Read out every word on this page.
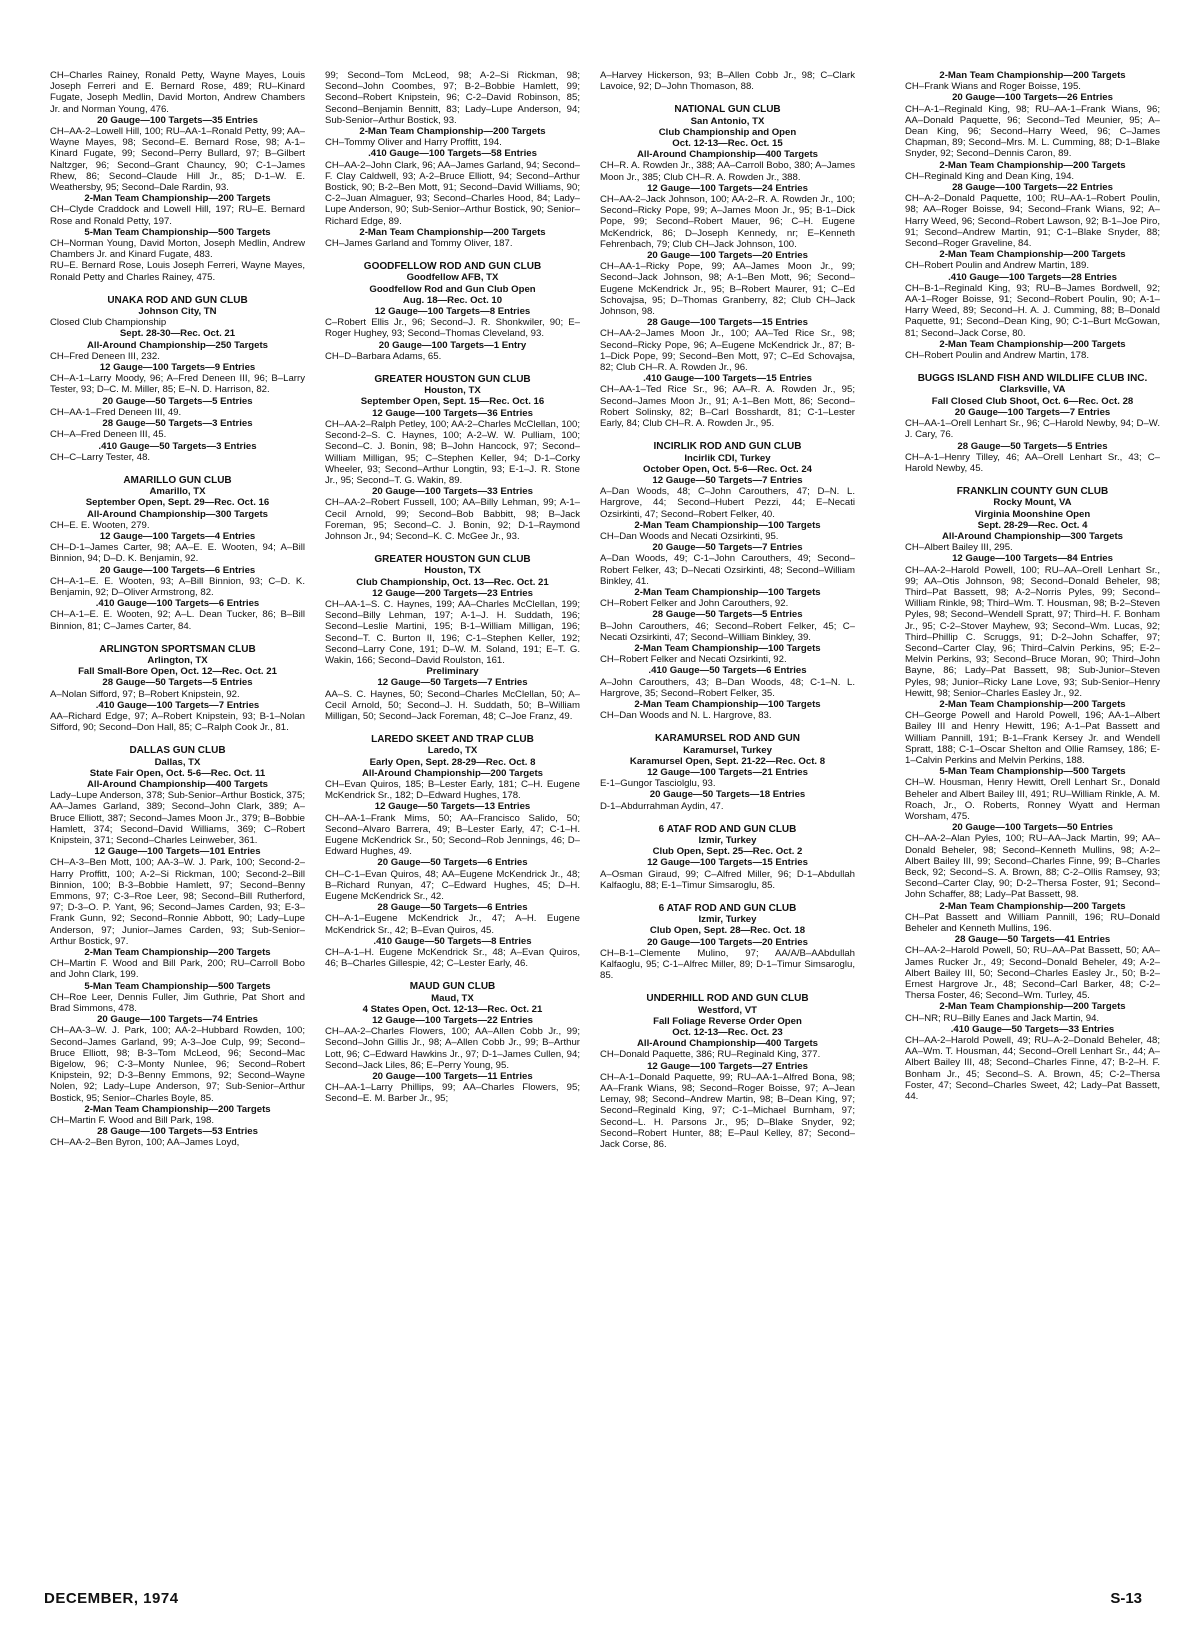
CH–Charles Rainey, Ronald Petty, Wayne Mayes, Louis Joseph Ferreri and E. Bernard Rose, 489; RU–Kinard Fugate, Joseph Medlin, David Morton, Andrew Chambers Jr. and Norman Young, 476.

20 Gauge—100 Targets—35 Entries

CH–AA-2–Lowell Hill, 100; RU–AA-1–Ronald Petty, 99; AA–Wayne Mayes, 98; Second–E. Bernard Rose, 98; A-1–Kinard Fugate, 99; Second–Perry Bullard, 97; B–Gilbert Naltzger, 96; Second–Grant Chauncy, 90; C-1–James Rhew, 86; Second–Claude Hill Jr., 85; D-1–W. E. Weathersby, 95; Second–Dale Rardin, 93.

2-Man Team Championship—200 Targets

CH–Clyde Craddock and Lowell Hill, 197; RU–E. Bernard Rose and Ronald Petty, 197.

5-Man Team Championship—500 Targets

CH–Norman Young, David Morton, Joseph Medlin, Andrew Chambers Jr. and Kinard Fugate, 483.

RU–E. Bernard Rose, Louis Joseph Ferreri, Wayne Mayes, Ronald Petty and Charles Rainey, 475.

UNAKA ROD AND GUN CLUB

Johnson City, TN

Closed Club Championship

Sept. 28-30—Rec. Oct. 21

All-Around Championship—250 Targets

CH–Fred Deneen III, 232.

12 Gauge—100 Targets—9 Entries

CH–A-1–Larry Moody, 96; A–Fred Deneen III, 96; B–Larry Tester, 93; D–C. M. Miller, 85; E–N. D. Harrison, 82.

20 Gauge—50 Targets—5 Entries

CH–AA-1–Fred Deneen III, 49.

28 Gauge—50 Targets—3 Entries

CH–A–Fred Deneen III, 45.

.410 Gauge—50 Targets—3 Entries

CH–C–Larry Tester, 48.

AMARILLO GUN CLUB

Amarillo, TX

September Open, Sept. 29—Rec. Oct. 16

All-Around Championship—300 Targets

CH–E. E. Wooten, 279.

12 Gauge—100 Targets—4 Entries

CH–D-1–James Carter, 98; AA–E. E. Wooten, 94; A–Bill Binnion, 94; D–D. K. Benjamin, 92.

20 Gauge—100 Targets—6 Entries

CH–A-1–E. E. Wooten, 93; A–Bill Binnion, 93; C–D. K. Benjamin, 92; D–Oliver Armstrong, 82.

.410 Gauge—100 Targets—6 Entries

CH–A-1–E. E. Wooten, 92; A–L. Dean Tucker, 86; B–Bill Binnion, 81; C–James Carter, 84.

ARLINGTON SPORTSMAN CLUB

Arlington, TX

Fall Small-Bore Open, Oct. 12—Rec. Oct. 21

28 Gauge—50 Targets—5 Entries

A–Nolan Sifford, 97; B–Robert Knipstein, 92.

.410 Gauge—100 Targets—7 Entries

AA–Richard Edge, 97; A–Robert Knipstein, 93; B-1–Nolan Sifford, 90; Second–Don Hall, 85; C–Ralph Cook Jr., 81.

DALLAS GUN CLUB

Dallas, TX

State Fair Open, Oct. 5-6—Rec. Oct. 11

All-Around Championship—400 Targets

Lady–Lupe Anderson, 378; Sub-Senior–Arthur Bostick, 375; AA–James Garland, 389; Second–John Clark, 389; A–Bruce Elliott, 387; Second–James Moon Jr., 379; B–Bobbie Hamlett, 374; Second–David Williams, 369; C–Robert Knipstein, 371; Second–Charles Leinweber, 361.

12 Gauge—100 Targets—101 Entries

CH–A-3–Ben Mott, 100; AA-3–W. J. Park, 100; Second-2–Harry Proffitt, 100; A-2–Si Rickman, 100; Second-2–Bill Binnion, 100; B-3–Bobbie Hamlett, 97; Second–Benny Emmons, 97; C-3–Roe Leer, 98; Second–Bill Rutherford, 97; D-3–O. P. Yant, 96; Second–James Carden, 93; E-3–Frank Gunn, 92; Second–Ronnie Abbott, 90; Lady–Lupe Anderson, 97; Junior–James Carden, 93; Sub-Senior–Arthur Bostick, 97.

2-Man Team Championship—200 Targets

CH–Martin F. Wood and Bill Park, 200; RU–Carroll Bobo and John Clark, 199.

5-Man Team Championship—500 Targets

CH–Roe Leer, Dennis Fuller, Jim Guthrie, Pat Short and Brad Simmons, 478.

20 Gauge—100 Targets—74 Entries

CH–AA-3–W. J. Park, 100; AA-2–Hubbard Rowden, 100; Second–James Garland, 99; A-3–Joe Culp, 99; Second–Bruce Elliott, 98; B-3–Tom McLeod, 96; Second–Mac Bigelow, 96; C-3–Monty Nunlee, 96; Second–Robert Knipstein, 92; D-3–Benny Emmons, 92; Second–Wayne Nolen, 92; Lady–Lupe Anderson, 97; Sub-Senior–Arthur Bostick, 95; Senior–Charles Boyle, 85.

2-Man Team Championship—200 Targets

CH–Martin F. Wood and Bill Park, 198.

28 Gauge—100 Targets—53 Entries

CH–AA-2–Ben Byron, 100; AA–James Loyd,

99; Second–Tom McLeod, 98; A-2–Si Rickman, 98; Second–John Coombes, 97; B-2–Bobbie Hamlett, 99; Second–Robert Knipstein, 96; C-2–David Robinson, 85; Second–Benjamin Bennitt, 83; Lady–Lupe Anderson, 94; Sub-Senior–Arthur Bostick, 93.

2-Man Team Championship—200 Targets

CH–Tommy Oliver and Harry Proffitt, 194.

.410 Gauge—100 Targets—58 Entries

CH–AA-2–John Clark, 96; AA–James Garland, 94; Second–F. Clay Caldwell, 93; A-2–Bruce Elliott, 94; Second–Arthur Bostick, 90; B-2–Ben Mott, 91; Second–David Williams, 90; C-2–Juan Almaguer, 93; Second–Charles Hood, 84; Lady–Lupe Anderson, 90; Sub-Senior–Arthur Bostick, 90; Senior–Richard Edge, 89.

2-Man Team Championship—200 Targets

CH–James Garland and Tommy Oliver, 187.

GOODFELLOW ROD AND GUN CLUB

Goodfellow AFB, TX

Goodfellow Rod and Gun Club Open

Aug. 18—Rec. Oct. 10

12 Gauge—100 Targets—8 Entries

C–Robert Ellis Jr., 96; Second–J. R. Shonkwiler, 90; E–Roger Hughey, 93; Second–Thomas Cleveland, 93.

20 Gauge—100 Targets—1 Entry

CH–D–Barbara Adams, 65.

GREATER HOUSTON GUN CLUB

Houston, TX

September Open, Sept. 15—Rec. Oct. 16

12 Gauge—100 Targets—36 Entries

CH–AA-2–Ralph Petley, 100; AA-2–Charles McClellan, 100; Second-2–S. C. Haynes, 100; A-2–W. W. Pulliam, 100; Second–C. J. Bonin, 98; B–John Hancock, 97; Second–William Milligan, 95; C–Stephen Keller, 94; D-1–Corky Wheeler, 93; Second–Arthur Longtin, 93; E-1–J. R. Stone Jr., 95; Second–T. G. Wakin, 89.

20 Gauge—100 Targets—33 Entries

CH–AA-2–Robert Fussell, 100; AA–Billy Lehman, 99; A-1–Cecil Arnold, 99; Second–Bob Babbitt, 98; B–Jack Foreman, 95; Second–C. J. Bonin, 92; D-1–Raymond Johnson Jr., 94; Second–K. C. McGee Jr., 93.

GREATER HOUSTON GUN CLUB

Houston, TX

Club Championship, Oct. 13—Rec. Oct. 21

12 Gauge—200 Targets—23 Entries

CH–AA-1–S. C. Haynes, 199; AA–Charles McClellan, 199; Second–Billy Lehman, 197; A-1–J. H. Suddath, 196; Second–Leslie Martini, 195; B-1–William Milligan, 196; Second–T. C. Burton II, 196; C-1–Stephen Keller, 192; Second–Larry Cone, 191; D–W. M. Soland, 191; E–T. G. Wakin, 166; Second–David Roulston, 161.

Preliminary

12 Gauge—50 Targets—7 Entries

AA–S. C. Haynes, 50; Second–Charles McClellan, 50; A–Cecil Arnold, 50; Second–J. H. Suddath, 50; B–William Milligan, 50; Second–Jack Foreman, 48; C–Joe Franz, 49.

LAREDO SKEET AND TRAP CLUB

Laredo, TX

Early Open, Sept. 28-29—Rec. Oct. 8

All-Around Championship—200 Targets

CH–Evan Quiros, 185; B–Lester Early, 181; C–H. Eugene McKendrick Sr., 182; D–Edward Hughes, 178.

12 Gauge—50 Targets—13 Entries

CH–AA-1–Frank Mims, 50; AA–Francisco Salido, 50; Second–Alvaro Barrera, 49; B–Lester Early, 47; C-1–H. Eugene McKendrick Sr., 50; Second–Rob Jennings, 46; D–Edward Hughes, 49.

20 Gauge—50 Targets—6 Entries

CH–C-1–Evan Quiros, 48; AA–Eugene McKendrick Jr., 48; B–Richard Runyan, 47; C–Edward Hughes, 45; D–H. Eugene McKendrick Sr., 42.

28 Gauge—50 Targets—6 Entries

CH–A-1–Eugene McKendrick Jr., 47; A–H. Eugene McKendrick Sr., 42; B–Evan Quiros, 45.

.410 Gauge—50 Targets—8 Entries

CH–A-1–H. Eugene McKendrick Sr., 48; A–Evan Quiros, 46; B–Charles Gillespie, 42; C–Lester Early, 46.

MAUD GUN CLUB

Maud, TX

4 States Open, Oct. 12-13—Rec. Oct. 21

12 Gauge—100 Targets—22 Entries

CH–AA-2–Charles Flowers, 100; AA–Allen Cobb Jr., 99; Second–John Gillis Jr., 98; A–Allen Cobb Jr., 99; B–Arthur Lott, 96; C–Edward Hawkins Jr., 97; D-1–James Cullen, 94; Second–Jack Liles, 86; E–Perry Young, 95.

20 Gauge—100 Targets—11 Entries

CH–AA-1–Larry Phillips, 99; AA–Charles Flowers, 95; Second–E. M. Barber Jr., 95;

A–Harvey Hickerson, 93; B–Allen Cobb Jr., 98; C–Clark Lavoice, 92; D–John Thomason, 88.

NATIONAL GUN CLUB

San Antonio, TX

Club Championship and Open

Oct. 12-13—Rec. Oct. 15

All-Around Championship—400 Targets

CH–R. A. Rowden Jr., 388; AA–Carroll Bobo, 380; A–James Moon Jr., 385; Club CH–R. A. Rowden Jr., 388.

12 Gauge—100 Targets—24 Entries

CH–AA-2–Jack Johnson, 100; AA-2–R. A. Rowden Jr., 100; Second–Ricky Pope, 99; A–James Moon Jr., 95; B-1–Dick Pope, 99; Second–Robert Mauer, 96; C–H. Eugene McKendrick, 86; D–Joseph Kennedy, nr; E–Kenneth Fehrenbach, 79; Club CH–Jack Johnson, 100.

20 Gauge—100 Targets—20 Entries

CH–AA-1–Ricky Pope, 99; AA–James Moon Jr., 99; Second–Jack Johnson, 98; A-1–Ben Mott, 96; Second–Eugene McKendrick Jr., 95; B–Robert Maurer, 91; C–Ed Schovajsa, 95; D–Thomas Granberry, 82; Club CH–Jack Johnson, 98.

28 Gauge—100 Targets—15 Entries

CH–AA-2–James Moon Jr., 100; AA–Ted Rice Sr., 98; Second–Ricky Pope, 96; A–Eugene McKendrick Jr., 87; B-1–Dick Pope, 99; Second–Ben Mott, 97; C–Ed Schovajsa, 82; Club CH–R. A. Rowden Jr., 96.

.410 Gauge—100 Targets—15 Entries

CH–AA-1–Ted Rice Sr., 96; AA–R. A. Rowden Jr., 95; Second–James Moon Jr., 91; A-1–Ben Mott, 86; Second–Robert Solinsky, 82; B–Carl Bosshardt, 81; C-1–Lester Early, 84; Club CH–R. A. Rowden Jr., 95.

INCIRLIK ROD AND GUN CLUB

Incirlik CDI, Turkey

October Open, Oct. 5-6—Rec. Oct. 24

12 Gauge—50 Targets—7 Entries

A–Dan Woods, 48; C–John Carouthers, 47; D–N. L. Hargrove, 44; Second–Hubert Pezzi, 44; E–Necati Ozsirkinti, 47; Second–Robert Felker, 40.

2-Man Team Championship—100 Targets

CH–Dan Woods and Necati Ozsirkinti, 95.

20 Gauge—50 Targets—7 Entries

A–Dan Woods, 49; C-1–John Carouthers, 49; Second–Robert Felker, 43; D–Necati Ozsirkinti, 48; Second–William Binkley, 41.

2-Man Team Championship—100 Targets

CH–Robert Felker and John Carouthers, 92.

28 Gauge—50 Targets—5 Entries

B–John Carouthers, 46; Second–Robert Felker, 45; C–Necati Ozsirkinti, 47; Second–William Binkley, 39.

2-Man Team Championship—100 Targets

CH–Robert Felker and Necati Ozsirkinti, 92.

.410 Gauge—50 Targets—6 Entries

A–John Carouthers, 43; B–Dan Woods, 48; C-1–N. L. Hargrove, 35; Second–Robert Felker, 35.

2-Man Team Championship—100 Targets

CH–Dan Woods and N. L. Hargrove, 83.

KARAMURSEL ROD AND GUN

Karamursel, Turkey

Karamursel Open, Sept. 21-22—Rec. Oct. 8

12 Gauge—100 Targets—21 Entries

E-1–Gungor Tasciolglu, 93.

20 Gauge—50 Targets—18 Entries

D-1–Abdurrahman Aydin, 47.

6 ATAF ROD AND GUN CLUB

Izmir, Turkey

Club Open, Sept. 25—Rec. Oct. 2

12 Gauge—100 Targets—15 Entries

A–Osman Giraud, 99; C–Alfred Miller, 96; D-1–Abdullah Kalfaoglu, 88; E-1–Timur Simsaroglu, 85.

6 ATAF ROD AND GUN CLUB

Izmir, Turkey

Club Open, Sept. 28—Rec. Oct. 18

20 Gauge—100 Targets—20 Entries

CH–B-1–Clemente Mulino, 97; AA/A/B–AAbdullah Kalfaoglu, 95; C-1–Alfrec Miller, 89; D-1–Timur Simsaroglu, 85.

UNDERHILL ROD AND GUN CLUB

Westford, VT

Fall Foliage Reverse Order Open

Oct. 12-13—Rec. Oct. 23

All-Around Championship—400 Targets

CH–Donald Paquette, 386; RU–Reginald King, 377.

12 Gauge—100 Targets—27 Entries

CH–A-1–Donald Paquette, 99; RU–AA-1–Alfred Bona, 98; AA–Frank Wians, 98; Second–Roger Boisse, 97; A–Jean Lemay, 98; Second–Andrew Martin, 98; B–Dean King, 97; Second–Reginald King, 97; C-1–Michael Burnham, 97; Second–L. H. Parsons Jr., 95; D–Blake Snyder, 92; Second–Robert Hunter, 88; E–Paul Kelley, 87; Second–Jack Corse, 86.

2-Man Team Championship—200 Targets

CH–Frank Wians and Roger Boisse, 195.

20 Gauge—100 Targets—26 Entries

CH–A-1–Reginald King, 98; RU–AA-1–Frank Wians, 96; AA–Donald Paquette, 96; Second–Ted Meunier, 95; A–Dean King, 96; Second–Harry Weed, 96; C–James Chapman, 89; Second–Mrs. M. L. Cumming, 88; D-1–Blake Snyder, 92; Second–Dennis Caron, 89.

2-Man Team Championship—200 Targets

CH–Reginald King and Dean King, 194.

28 Gauge—100 Targets—22 Entries

CH–A-2–Donald Paquette, 100; RU–AA-1–Robert Poulin, 98; AA–Roger Boisse, 94; Second–Frank Wians, 92; A–Harry Weed, 96; Second–Robert Lawson, 92; B-1–Joe Piro, 91; Second–Andrew Martin, 91; C-1–Blake Snyder, 88; Second–Roger Graveline, 84.

2-Man Team Championship—200 Targets

CH–Robert Poulin and Andrew Martin, 189.

.410 Gauge—100 Targets—28 Entries

CH–B-1–Reginald King, 93; RU–B–James Bordwell, 92; AA-1–Roger Boisse, 91; Second–Robert Poulin, 90; A-1–Harry Weed, 89; Second–H. A. J. Cumming, 88; B–Donald Paquette, 91; Second–Dean King, 90; C-1–Burt McGowan, 81; Second–Jack Corse, 80.

2-Man Team Championship—200 Targets

CH–Robert Poulin and Andrew Martin, 178.

BUGGS ISLAND FISH AND WILDLIFE CLUB INC.

Clarksville, VA

Fall Closed Club Shoot, Oct. 6—Rec. Oct. 28

20 Gauge—100 Targets—7 Entries

CH–AA-1–Orell Lenhart Sr., 96; C–Harold Newby, 94; D–W. J. Cary, 76.

28 Gauge—50 Targets—5 Entries

CH–A-1–Henry Tilley, 46; AA–Orell Lenhart Sr., 43; C–Harold Newby, 45.

FRANKLIN COUNTY GUN CLUB

Rocky Mount, VA

Virginia Moonshine Open

Sept. 28-29—Rec. Oct. 4

All-Around Championship—300 Targets

CH–Albert Bailey III, 295.

12 Gauge—100 Targets—84 Entries

CH–AA-2–Harold Powell, 100; RU–AA–Orell Lenhart Sr., 99; AA–Otis Johnson, 98; Second–Donald Beheler, 98; Third–Pat Bassett, 98; A-2–Norris Pyles, 99; Second–William Rinkle, 98; Third–Wm. T. Housman, 98; B-2–Steven Pyles, 98; Second–Wendell Spratt, 97; Third–H. F. Bonham Jr., 95; C-2–Stover Mayhew, 93; Second–Wm. Lucas, 92; Third–Phillip C. Scruggs, 91; D-2–John Schaffer, 97; Second–Carter Clay, 96; Third–Calvin Perkins, 95; E-2–Melvin Perkins, 93; Second–Bruce Moran, 90; Third–John Bayne, 86; Lady–Pat Bassett, 98; Sub-Junior–Steven Pyles, 98; Junior–Ricky Lane Love, 93; Sub-Senior–Henry Hewitt, 98; Senior–Charles Easley Jr., 92.

2-Man Team Championship—200 Targets

CH–George Powell and Harold Powell, 196; AA-1–Albert Bailey III and Henry Hewitt, 196; A-1–Pat Bassett and William Pannill, 191; B-1–Frank Kersey Jr. and Wendell Spratt, 188; C-1–Oscar Shelton and Ollie Ramsey, 186; E-1–Calvin Perkins and Melvin Perkins, 188.

5-Man Team Championship—500 Targets

CH–W. Housman, Henry Hewitt, Orell Lenhart Sr., Donald Beheler and Albert Bailey III, 491; RU–William Rinkle, A. M. Roach, Jr., O. Roberts, Ronney Wyatt and Herman Worsham, 475.

20 Gauge—100 Targets—50 Entries

CH–AA-2–Alan Pyles, 100; RU–AA–Jack Martin, 99; AA–Donald Beheler, 98; Second–Kenneth Mullins, 98; A-2–Albert Bailey III, 99; Second–Charles Finne, 99; B–Charles Beck, 92; Second–S. A. Brown, 88; C-2–Ollis Ramsey, 93; Second–Carter Clay, 90; D-2–Thersa Foster, 91; Second–John Schaffer, 88; Lady–Pat Bassett, 98.

2-Man Team Championship—200 Targets

CH–Pat Bassett and William Pannill, 196; RU–Donald Beheler and Kenneth Mullins, 196.

28 Gauge—50 Targets—41 Entries

CH–AA-2–Harold Powell, 50; RU–AA–Pat Bassett, 50; AA–James Rucker Jr., 49; Second–Donald Beheler, 49; A-2–Albert Bailey III, 50; Second–Charles Easley Jr., 50; B-2–Ernest Hargrove Jr., 48; Second–Carl Barker, 48; C-2–Thersa Foster, 46; Second–Wm. Turley, 45.

2-Man Team Championship—200 Targets

CH–NR; RU–Billy Eanes and Jack Martin, 94.

.410 Gauge—50 Targets—33 Entries

CH–AA-2–Harold Powell, 49; RU–A-2–Donald Beheler, 48; AA–Wm. T. Housman, 44; Second–Orell Lenhart Sr., 44; A–Albert Bailey III, 48; Second–Charles Finne, 47; B-2–H. F. Bonham Jr., 45; Second–S. A. Brown, 45; C-2–Thersa Foster, 47; Second–Charles Sweet, 42; Lady–Pat Bassett, 44.

DECEMBER, 1974	S-13
